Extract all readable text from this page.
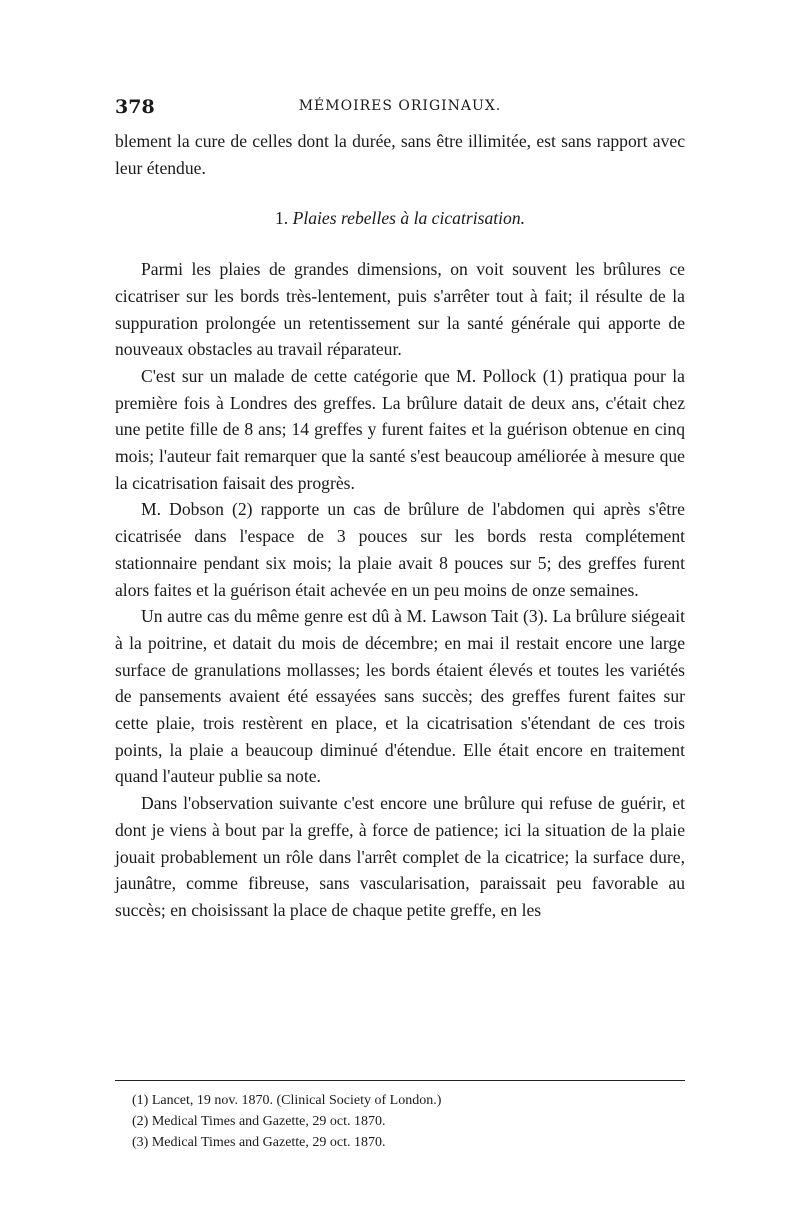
378	MÉMOIRES ORIGINAUX.

blement la cure de celles dont la durée, sans être illimitée, est sans rapport avec leur étendue.

1. Plaies rebelles à la cicatrisation.

Parmi les plaies de grandes dimensions, on voit souvent les brûlures ce cicatriser sur les bords très-lentement, puis s'arrêter tout à fait; il résulte de la suppuration prolongée un retentissement sur la santé générale qui apporte de nouveaux obstacles au travail réparateur.

C'est sur un malade de cette catégorie que M. Pollock (1) pratiqua pour la première fois à Londres des greffes. La brûlure datait de deux ans, c'était chez une petite fille de 8 ans; 14 greffes y furent faites et la guérison obtenue en cinq mois; l'auteur fait remarquer que la santé s'est beaucoup améliorée à mesure que la cicatrisation faisait des progrès.

M. Dobson (2) rapporte un cas de brûlure de l'abdomen qui après s'être cicatrisée dans l'espace de 3 pouces sur les bords resta complétement stationnaire pendant six mois; la plaie avait 8 pouces sur 5; des greffes furent alors faites et la guérison était achevée en un peu moins de onze semaines.

Un autre cas du même genre est dû à M. Lawson Tait (3). La brûlure siégeait à la poitrine, et datait du mois de décembre; en mai il restait encore une large surface de granulations mollasses; les bords étaient élevés et toutes les variétés de pansements avaient été essayées sans succès; des greffes furent faites sur cette plaie, trois restèrent en place, et la cicatrisation s'étendant de ces trois points, la plaie a beaucoup diminué d'étendue. Elle était encore en traitement quand l'auteur publie sa note.

Dans l'observation suivante c'est encore une brûlure qui refuse de guérir, et dont je viens à bout par la greffe, à force de patience; ici la situation de la plaie jouait probablement un rôle dans l'arrêt complet de la cicatrice; la surface dure, jaunâtre, comme fibreuse, sans vascularisation, paraissait peu favorable au succès; en choisissant la place de chaque petite greffe, en les

(1) Lancet, 19 nov. 1870. (Clinical Society of London.)
(2) Medical Times and Gazette, 29 oct. 1870.
(3) Medical Times and Gazette, 29 oct. 1870.
